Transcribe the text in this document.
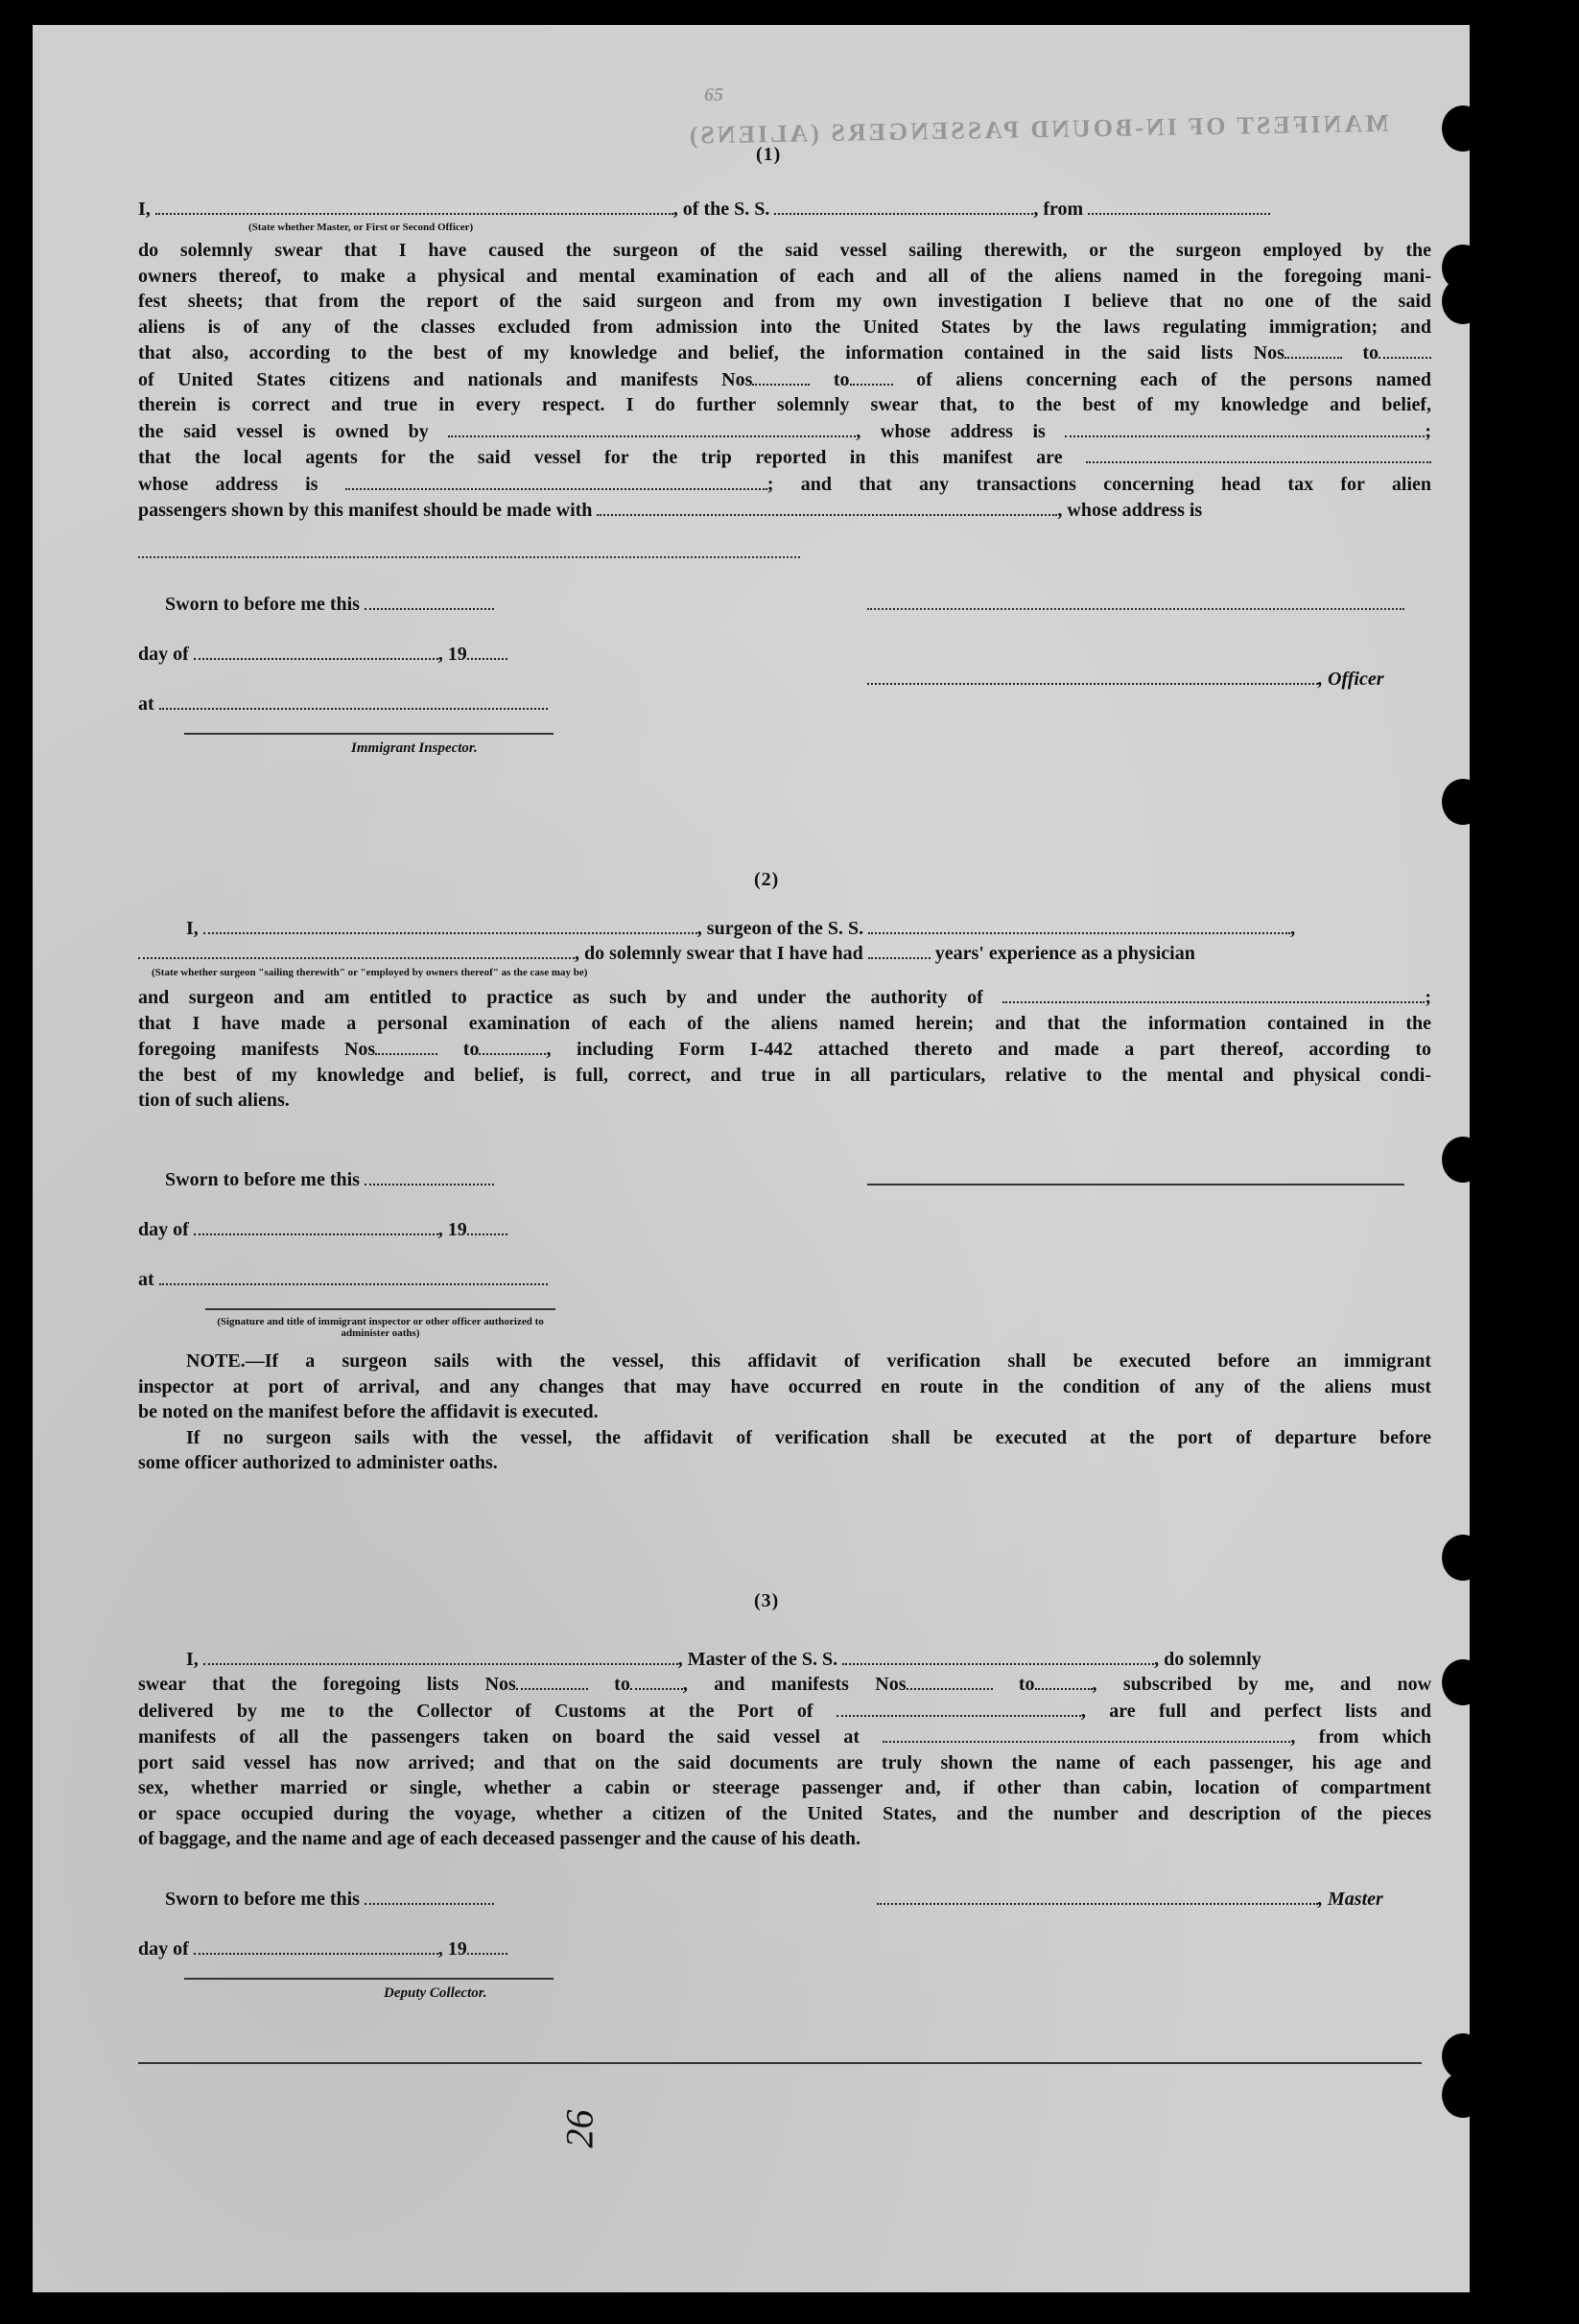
65
MANIFEST OF IN-BOUND PASSENGERS (ALIENS)
(1)
I,	, of the S. S.	, from
(State whether Master, or First or Second Officer)
do solemnly swear that I have caused the surgeon of the said vessel sailing therewith, or the surgeon employed by the
owners thereof, to make a physical and mental examination of each and all of the aliens named in the foregoing mani-
fest sheets; that from the report of the said surgeon and from my own investigation I believe that no one of the said
aliens is of any of the classes excluded from admission into the United States by the laws regulating immigration; and
that also, according to the best of my knowledge and belief, the information contained in the said lists Nos	to
of United States citizens and nationals and manifests Nos	to	of aliens concerning each of the persons named
therein is correct and true in every respect. I do further solemnly swear that, to the best of my knowledge and belief,
the said vessel is owned by	, whose address is	;
that the local agents for the said vessel for the trip reported in this manifest are
whose address is	; and that any transactions concerning head tax for alien
passengers shown by this manifest should be made with	, whose address is
Sworn to before me this
day of	, 19
, Officer
at
Immigrant Inspector.
(2)
I,	, surgeon of the S. S.	,
, do solemnly swear that I have had	years' experience as a physician
(State whether surgeon "sailing therewith" or "employed by owners thereof" as the case may be)
and surgeon and am entitled to practice as such by and under the authority of	;
that I have made a personal examination of each of the aliens named herein; and that the information contained in the
foregoing manifests Nos	to	, including Form I-442 attached thereto and made a part thereof, according to
the best of my knowledge and belief, is full, correct, and true in all particulars, relative to the mental and physical condi-
tion of such aliens.
Sworn to before me this
day of	, 19
at
(Signature and title of immigrant inspector or other officer authorized to administer oaths)
NOTE.—If a surgeon sails with the vessel, this affidavit of verification shall be executed before an immigrant
inspector at port of arrival, and any changes that may have occurred en route in the condition of any of the aliens must
be noted on the manifest before the affidavit is executed.
If no surgeon sails with the vessel, the affidavit of verification shall be executed at the port of departure before
some officer authorized to administer oaths.
(3)
I,	, Master of the S. S.	, do solemnly
swear that the foregoing lists Nos	to	, and manifests Nos	to	, subscribed by me, and now
delivered by me to the Collector of Customs at the Port of	, are full and perfect lists and
manifests of all the passengers taken on board the said vessel at	, from which
port said vessel has now arrived; and that on the said documents are truly shown the name of each passenger, his age and
sex, whether married or single, whether a cabin or steerage passenger and, if other than cabin, location of compartment
or space occupied during the voyage, whether a citizen of the United States, and the number and description of the pieces
of baggage, and the name and age of each deceased passenger and the cause of his death.
Sworn to before me this	, Master
day of	, 19
Deputy Collector.
26
